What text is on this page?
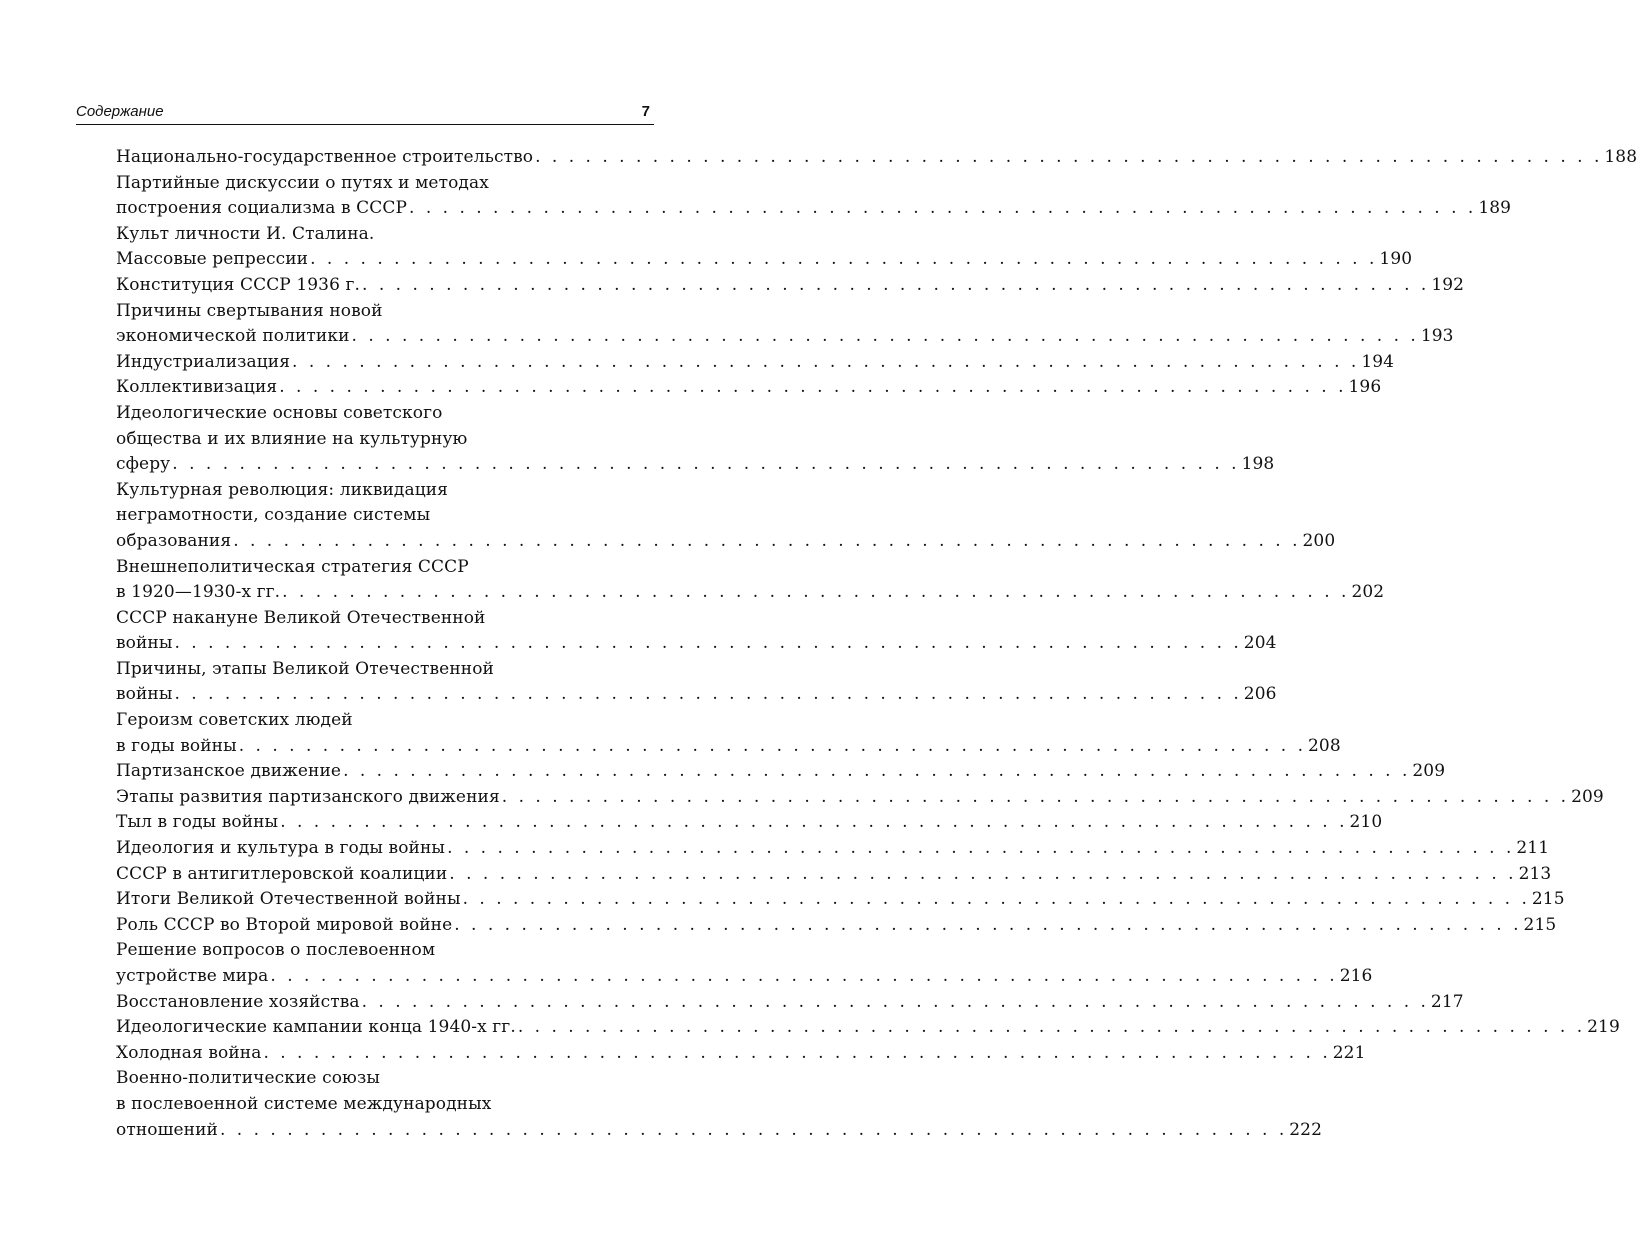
Содержание	7
Национально-государственное строительство . . . . . . . . . . . . . . . . . . . . . . . . . . . . . . . . . . . . . . . . . . . . . . . . . . . . . . . . . . . . . . . . 188
Партийные дискуссии о путях и методах
построения социализма в СССР . . . . . . . . . . . . . . . . . . . . . . . . . . . . . . . . . . . . . . . . . . . . . . . . . . . . . . . . . . . . . . . . 189
Культ личности И. Сталина.
Массовые репрессии . . . . . . . . . . . . . . . . . . . . . . . . . . . . . . . . . . . . . . . . . . . . . . . . . . . . . . . . . . . . . . . . 190
Конституция СССР 1936 г. . . . . . . . . . . . . . . . . . . . . . . . . . . . . . . . . . . . . . . . . . . . . . . . . . . . . . . . . . . . . . . . . 192
Причины свертывания новой
экономической политики . . . . . . . . . . . . . . . . . . . . . . . . . . . . . . . . . . . . . . . . . . . . . . . . . . . . . . . . . . . . . . . . 193
Индустриализация . . . . . . . . . . . . . . . . . . . . . . . . . . . . . . . . . . . . . . . . . . . . . . . . . . . . . . . . . . . . . . . . 194
Коллективизация . . . . . . . . . . . . . . . . . . . . . . . . . . . . . . . . . . . . . . . . . . . . . . . . . . . . . . . . . . . . . . . . 196
Идеологические основы советского
общества и их влияние на культурную
сферу . . . . . . . . . . . . . . . . . . . . . . . . . . . . . . . . . . . . . . . . . . . . . . . . . . . . . . . . . . . . . . . . 198
Культурная революция: ликвидация
неграмотности, создание системы
образования . . . . . . . . . . . . . . . . . . . . . . . . . . . . . . . . . . . . . . . . . . . . . . . . . . . . . . . . . . . . . . . . 200
Внешнеполитическая стратегия СССР
в 1920—1930-х гг. . . . . . . . . . . . . . . . . . . . . . . . . . . . . . . . . . . . . . . . . . . . . . . . . . . . . . . . . . . . . . . . . 202
СССР накануне Великой Отечественной
войны . . . . . . . . . . . . . . . . . . . . . . . . . . . . . . . . . . . . . . . . . . . . . . . . . . . . . . . . . . . . . . . . 204
Причины, этапы Великой Отечественной
войны . . . . . . . . . . . . . . . . . . . . . . . . . . . . . . . . . . . . . . . . . . . . . . . . . . . . . . . . . . . . . . . . 206
Героизм советских людей
в годы войны . . . . . . . . . . . . . . . . . . . . . . . . . . . . . . . . . . . . . . . . . . . . . . . . . . . . . . . . . . . . . . . . 208
Партизанское движение . . . . . . . . . . . . . . . . . . . . . . . . . . . . . . . . . . . . . . . . . . . . . . . . . . . . . . . . . . . . . . . . 209
Этапы развития партизанского движения . . . . . . . . . . . . . . . . . . . . . . . . . . . . . . . . . . . . . . . . . . . . . . . . . . . . . . . . . . . . . . . . 209
Тыл в годы войны . . . . . . . . . . . . . . . . . . . . . . . . . . . . . . . . . . . . . . . . . . . . . . . . . . . . . . . . . . . . . . . . 210
Идеология и культура в годы войны . . . . . . . . . . . . . . . . . . . . . . . . . . . . . . . . . . . . . . . . . . . . . . . . . . . . . . . . . . . . . . . . 211
СССР в антигитлеровской коалиции . . . . . . . . . . . . . . . . . . . . . . . . . . . . . . . . . . . . . . . . . . . . . . . . . . . . . . . . . . . . . . . . 213
Итоги Великой Отечественной войны . . . . . . . . . . . . . . . . . . . . . . . . . . . . . . . . . . . . . . . . . . . . . . . . . . . . . . . . . . . . . . . . 215
Роль СССР во Второй мировой войне . . . . . . . . . . . . . . . . . . . . . . . . . . . . . . . . . . . . . . . . . . . . . . . . . . . . . . . . . . . . . . . . 215
Решение вопросов о послевоенном
устройстве мира . . . . . . . . . . . . . . . . . . . . . . . . . . . . . . . . . . . . . . . . . . . . . . . . . . . . . . . . . . . . . . . . 216
Восстановление хозяйства . . . . . . . . . . . . . . . . . . . . . . . . . . . . . . . . . . . . . . . . . . . . . . . . . . . . . . . . . . . . . . . . 217
Идеологические кампании конца 1940-х гг. . . . . . . . . . . . . . . . . . . . . . . . . . . . . . . . . . . . . . . . . . . . . . . . . . . . . . . . . . . . . . . . . 219
Холодная война . . . . . . . . . . . . . . . . . . . . . . . . . . . . . . . . . . . . . . . . . . . . . . . . . . . . . . . . . . . . . . . . 221
Военно-политические союзы
в послевоенной системе международных
отношений . . . . . . . . . . . . . . . . . . . . . . . . . . . . . . . . . . . . . . . . . . . . . . . . . . . . . . . . . . . . . . . . 222
